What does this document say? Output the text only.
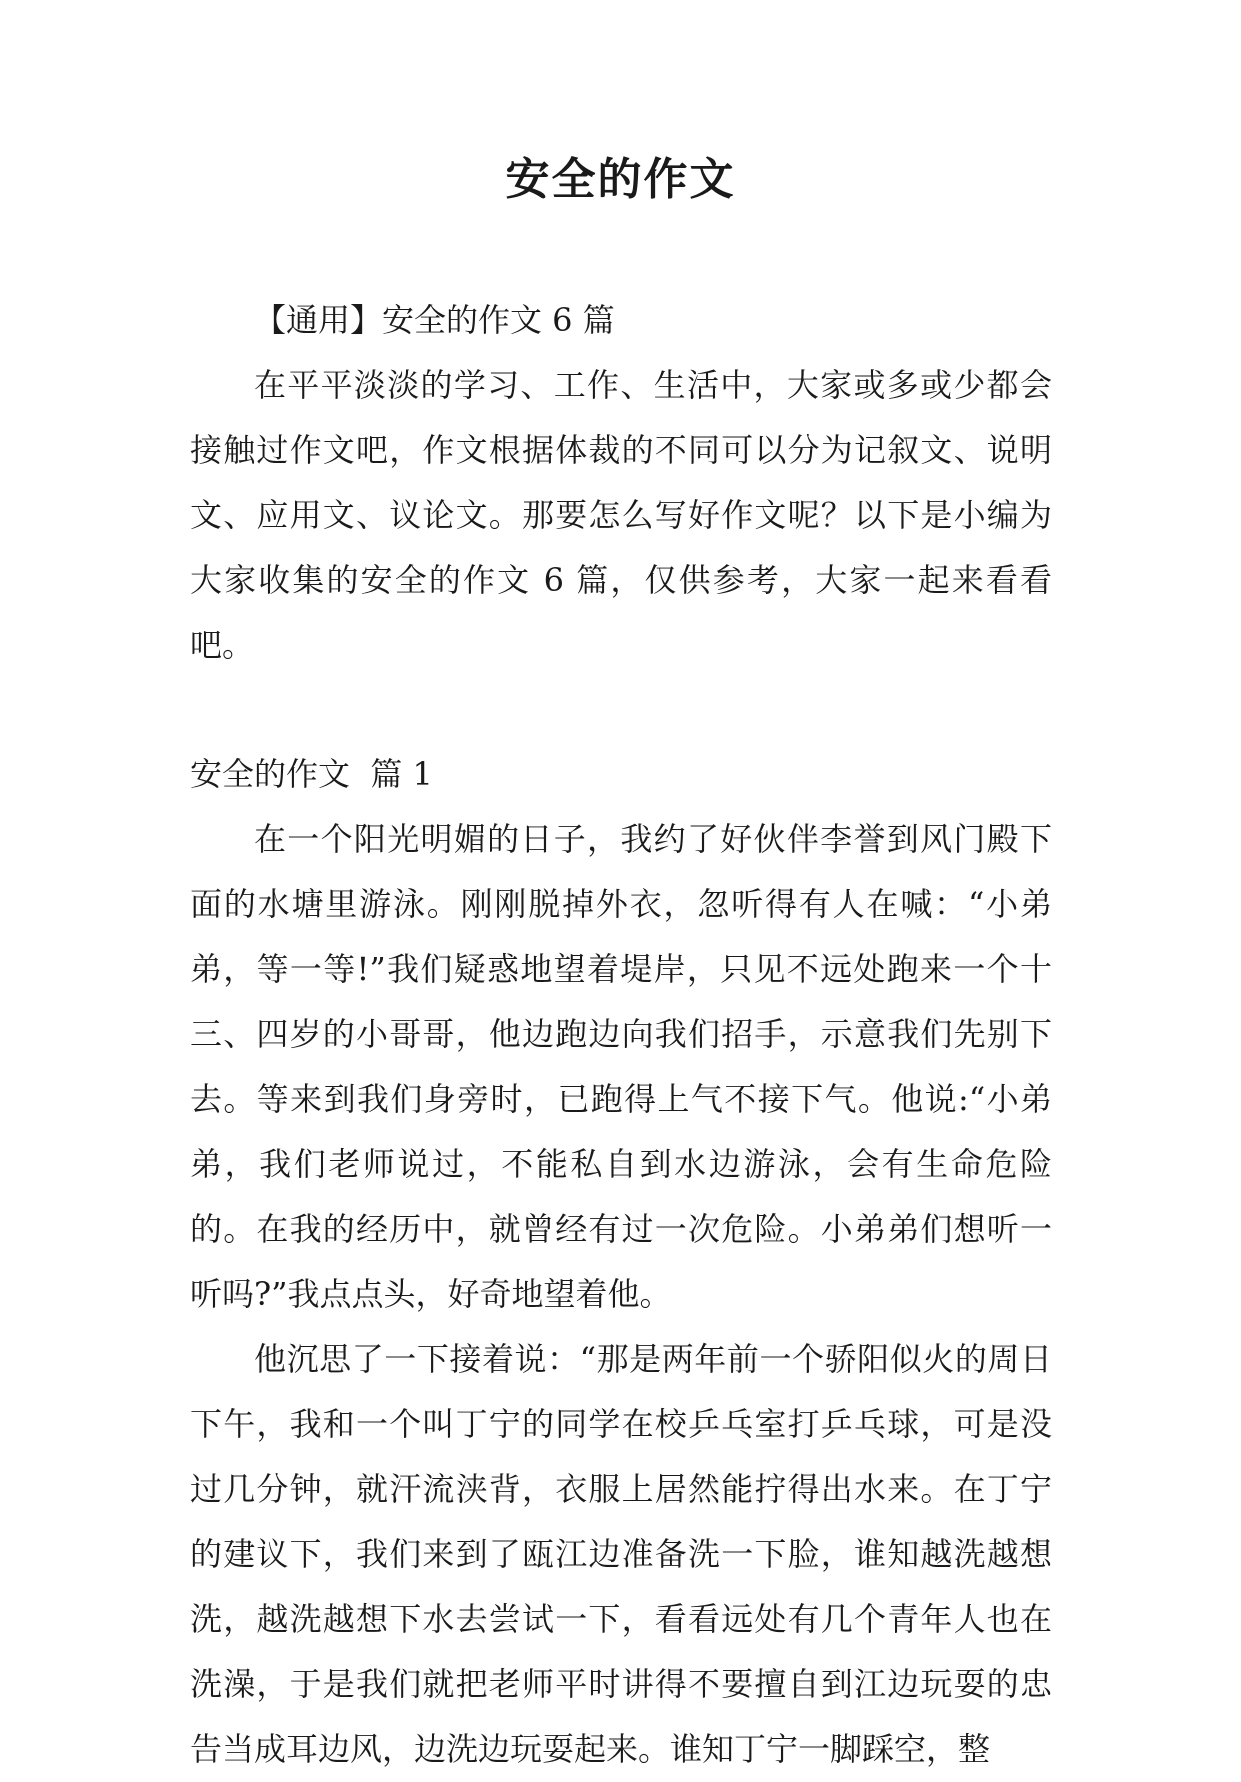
安全的作文

【通用】安全的作文 6 篇

在平平淡淡的学习、工作、生活中，大家或多或少都会接触过作文吧，作文根据体裁的不同可以分为记叙文、说明文、应用文、议论文。那要怎么写好作文呢？以下是小编为大家收集的安全的作文 6 篇，仅供参考，大家一起来看看吧。

安全的作文  篇 1

在一个阳光明媚的日子，我约了好伙伴李誉到风门殿下面的水塘里游泳。刚刚脱掉外衣，忽听得有人在喊：“小弟弟，等一等!”我们疑惑地望着堤岸，只见不远处跑来一个十三、四岁的小哥哥，他边跑边向我们招手，示意我们先别下去。等来到我们身旁时，已跑得上气不接下气。他说:“小弟弟，我们老师说过，不能私自到水边游泳，会有生命危险的。在我的经历中，就曾经有过一次危险。小弟弟们想听一听吗?”我点点头，好奇地望着他。

他沉思了一下接着说：“那是两年前一个骄阳似火的周日下午，我和一个叫丁宁的同学在校乒乓室打乒乓球，可是没过几分钟，就汗流浃背，衣服上居然能拧得出水来。在丁宁的建议下，我们来到了瓯江边准备洗一下脸，谁知越洗越想洗，越洗越想下水去尝试一下，看看远处有几个青年人也在洗澡，于是我们就把老师平时讲得不要擅自到江边玩耍的忠告当成耳边风，边洗边玩耍起来。谁知丁宁一脚踩空，整
